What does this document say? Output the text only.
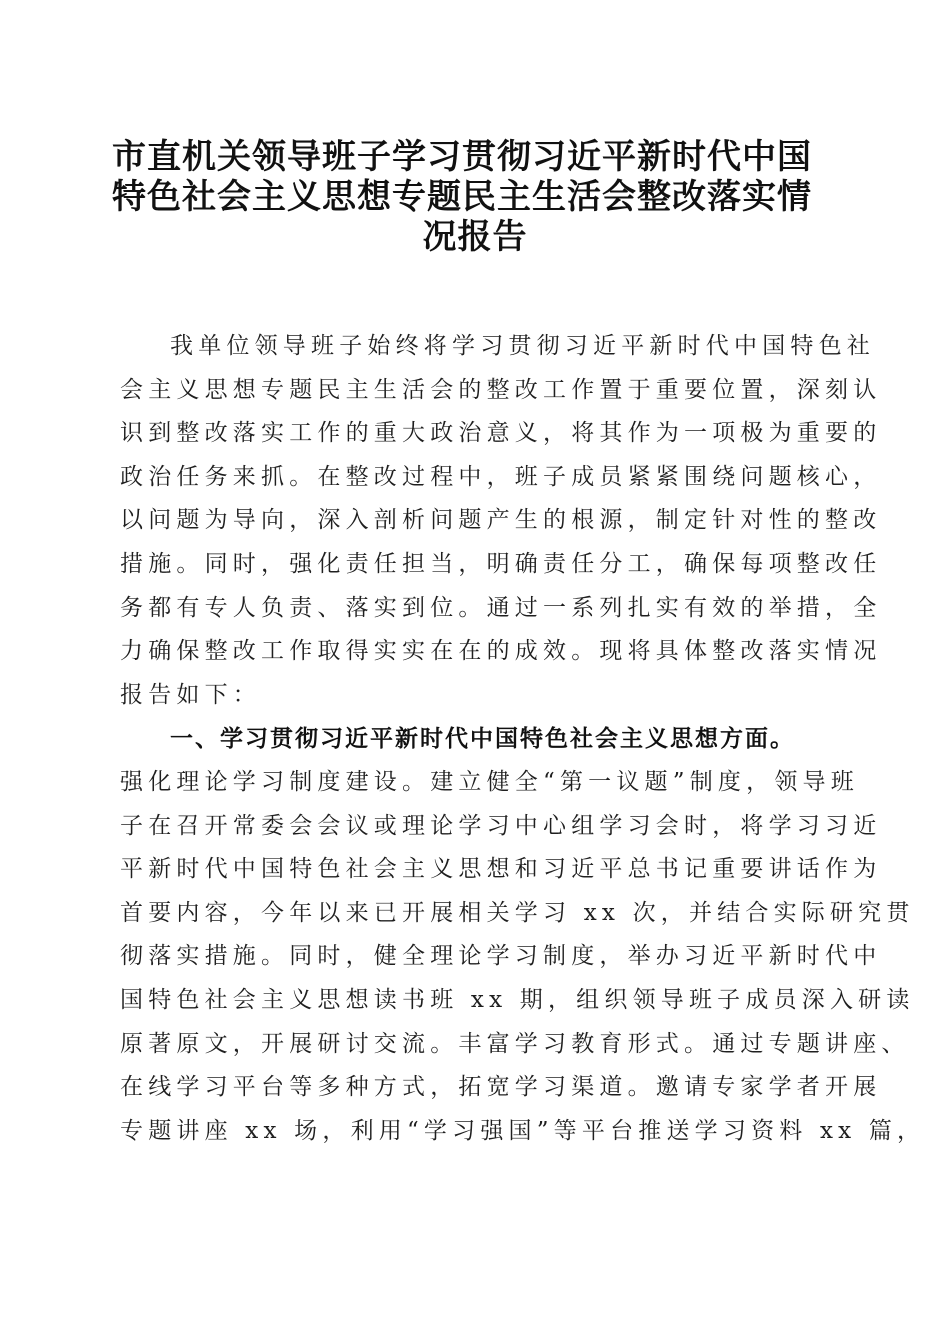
市直机关领导班子学习贯彻习近平新时代中国
特色社会主义思想专题民主生活会整改落实情
况报告
我单位领导班子始终将学习贯彻习近平新时代中国特色社
会主义思想专题民主生活会的整改工作置于重要位置，深刻认
识到整改落实工作的重大政治意义，将其作为一项极为重要的
政治任务来抓。在整改过程中，班子成员紧紧围绕问题核心，
以问题为导向，深入剖析问题产生的根源，制定针对性的整改
措施。同时，强化责任担当，明确责任分工，确保每项整改任
务都有专人负责、落实到位。通过一系列扎实有效的举措，全
力确保整改工作取得实实在在的成效。现将具体整改落实情况
报告如下：
一、学习贯彻习近平新时代中国特色社会主义思想方面。
强化理论学习制度建设。建立健全“第一议题”制度，领导班
子在召开常委会会议或理论学习中心组学习会时，将学习习近
平新时代中国特色社会主义思想和习近平总书记重要讲话作为
首要内容，今年以来已开展相关学习 xx 次，并结合实际研究贯
彻落实措施。同时，健全理论学习制度，举办习近平新时代中
国特色社会主义思想读书班 xx 期，组织领导班子成员深入研读
原著原文，开展研讨交流。丰富学习教育形式。通过专题讲座、
在线学习平台等多种方式，拓宽学习渠道。邀请专家学者开展
专题讲座 xx 场，利用“学习强国”等平台推送学习资料 xx 篇，
